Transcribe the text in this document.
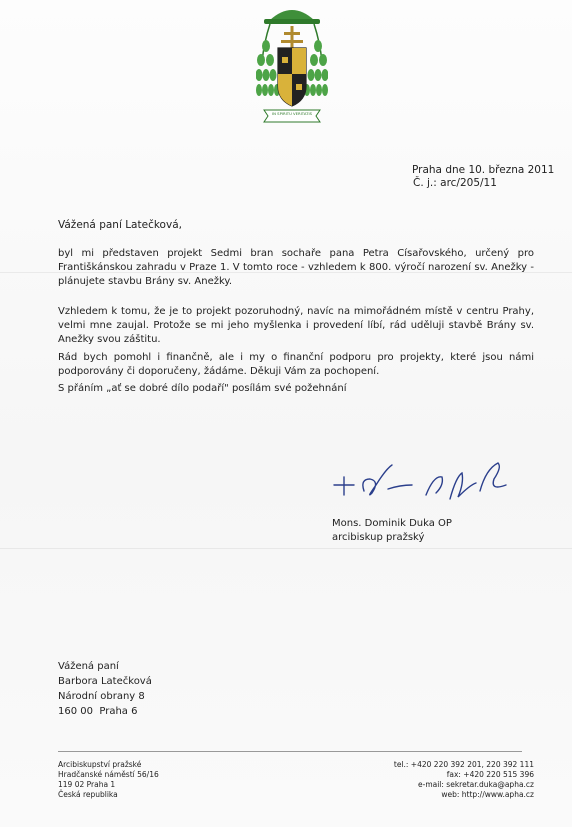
IN SPIRITU VERITATIS
Praha dne 10. března 2011
Č. j.: arc/205/11
Vážená paní Latečková,

byl mi představen projekt Sedmi bran sochaře pana Petra Císařovského, určený pro Františkánskou zahradu v Praze 1. V tomto roce - vzhledem k 800. výročí narození sv. Anežky - plánujete stavbu Brány sv. Anežky.

Vzhledem k tomu, že je to projekt pozoruhodný, navíc na mimořádném místě v centru Prahy, velmi mne zaujal. Protože se mi jeho myšlenka i provedení líbí, rád uděluji stavbě Brány sv. Anežky svou záštitu.

Rád bych pomohl i finančně, ale i my o finanční podporu pro projekty, které jsou námi podporovány či doporučeny, žádáme. Děkuji Vám za pochopení.

S přáním „ať se dobré dílo podaří" posílám své požehnání
Mons. Dominik Duka OP
arcibiskup pražský
Vážená paní
Barbora Latečková
Národní obrany 8
160 00  Praha 6
Arcibiskupství pražské
Hradčanské náměstí 56/16
119 02 Praha 1
Česká republika
tel.: +420 220 392 201, 220 392 111
fax: +420 220 515 396
e-mail: sekretar.duka@apha.cz
web: http://www.apha.cz
